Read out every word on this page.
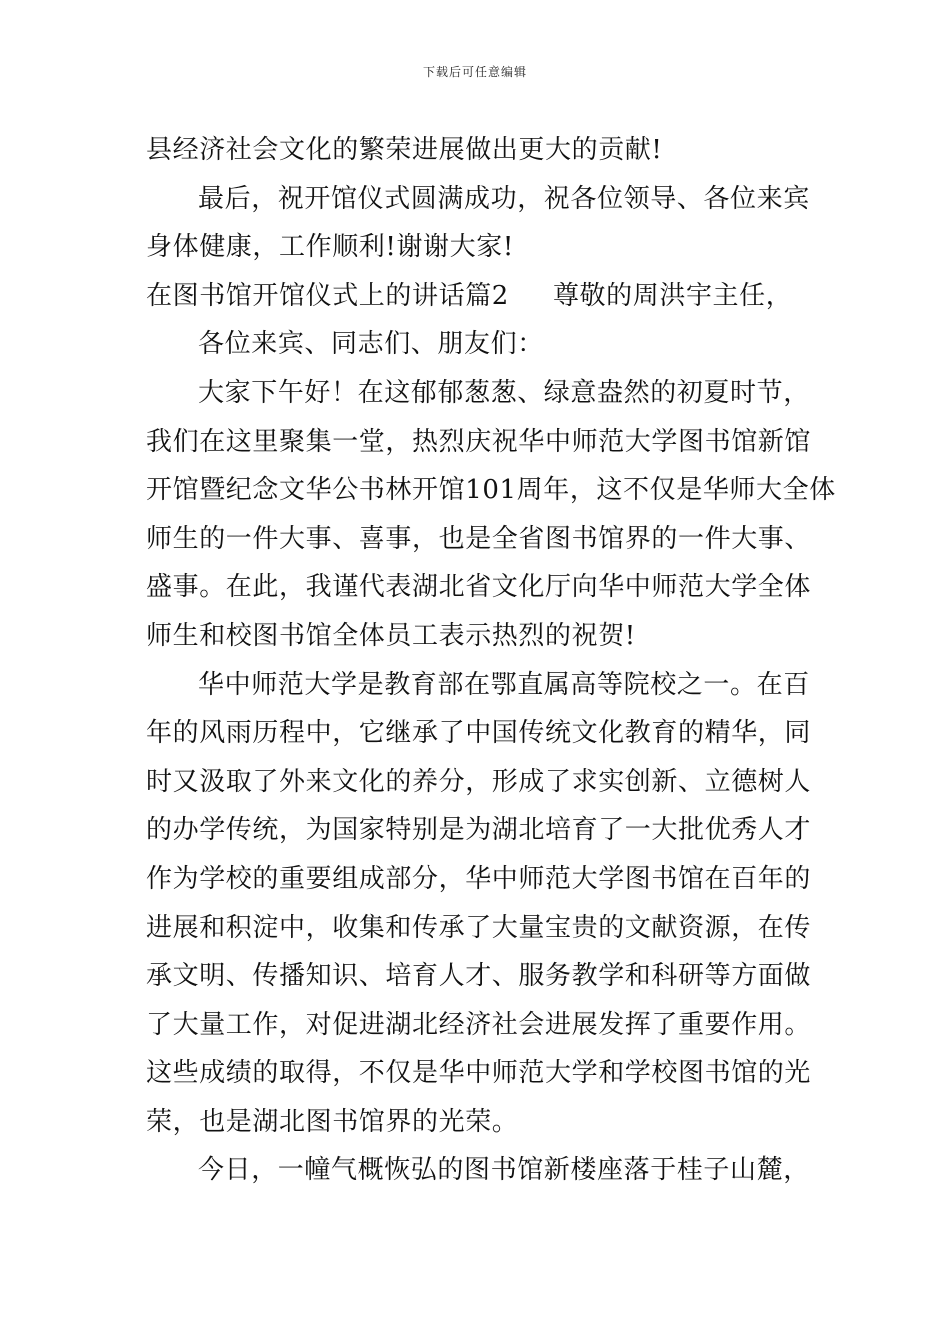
下载后可任意编辑
县经济社会文化的繁荣进展做出更大的贡献!
最后，祝开馆仪式圆满成功，祝各位领导、各位来宾
身体健康，工作顺利!谢谢大家!
在图书馆开馆仪式上的讲话篇2 尊敬的周洪宇主任，
各位来宾、同志们、朋友们：
大家下午好！在这郁郁葱葱、绿意盎然的初夏时节，
我们在这里聚集一堂，热烈庆祝华中师范大学图书馆新馆
开馆暨纪念文华公书林开馆101周年，这不仅是华师大全体
师生的一件大事、喜事，也是全省图书馆界的一件大事、
盛事。在此，我谨代表湖北省文化厅向华中师范大学全体
师生和校图书馆全体员工表示热烈的祝贺!
华中师范大学是教育部在鄂直属高等院校之一。在百
年的风雨历程中，它继承了中国传统文化教育的精华，同
时又汲取了外来文化的养分，形成了求实创新、立德树人
的办学传统，为国家特别是为湖北培育了一大批优秀人才
作为学校的重要组成部分，华中师范大学图书馆在百年的
进展和积淀中，收集和传承了大量宝贵的文献资源，在传
承文明、传播知识、培育人才、服务教学和科研等方面做
了大量工作，对促进湖北经济社会进展发挥了重要作用。
这些成绩的取得，不仅是华中师范大学和学校图书馆的光
荣，也是湖北图书馆界的光荣。
今日，一幢气概恢弘的图书馆新楼座落于桂子山麓，
